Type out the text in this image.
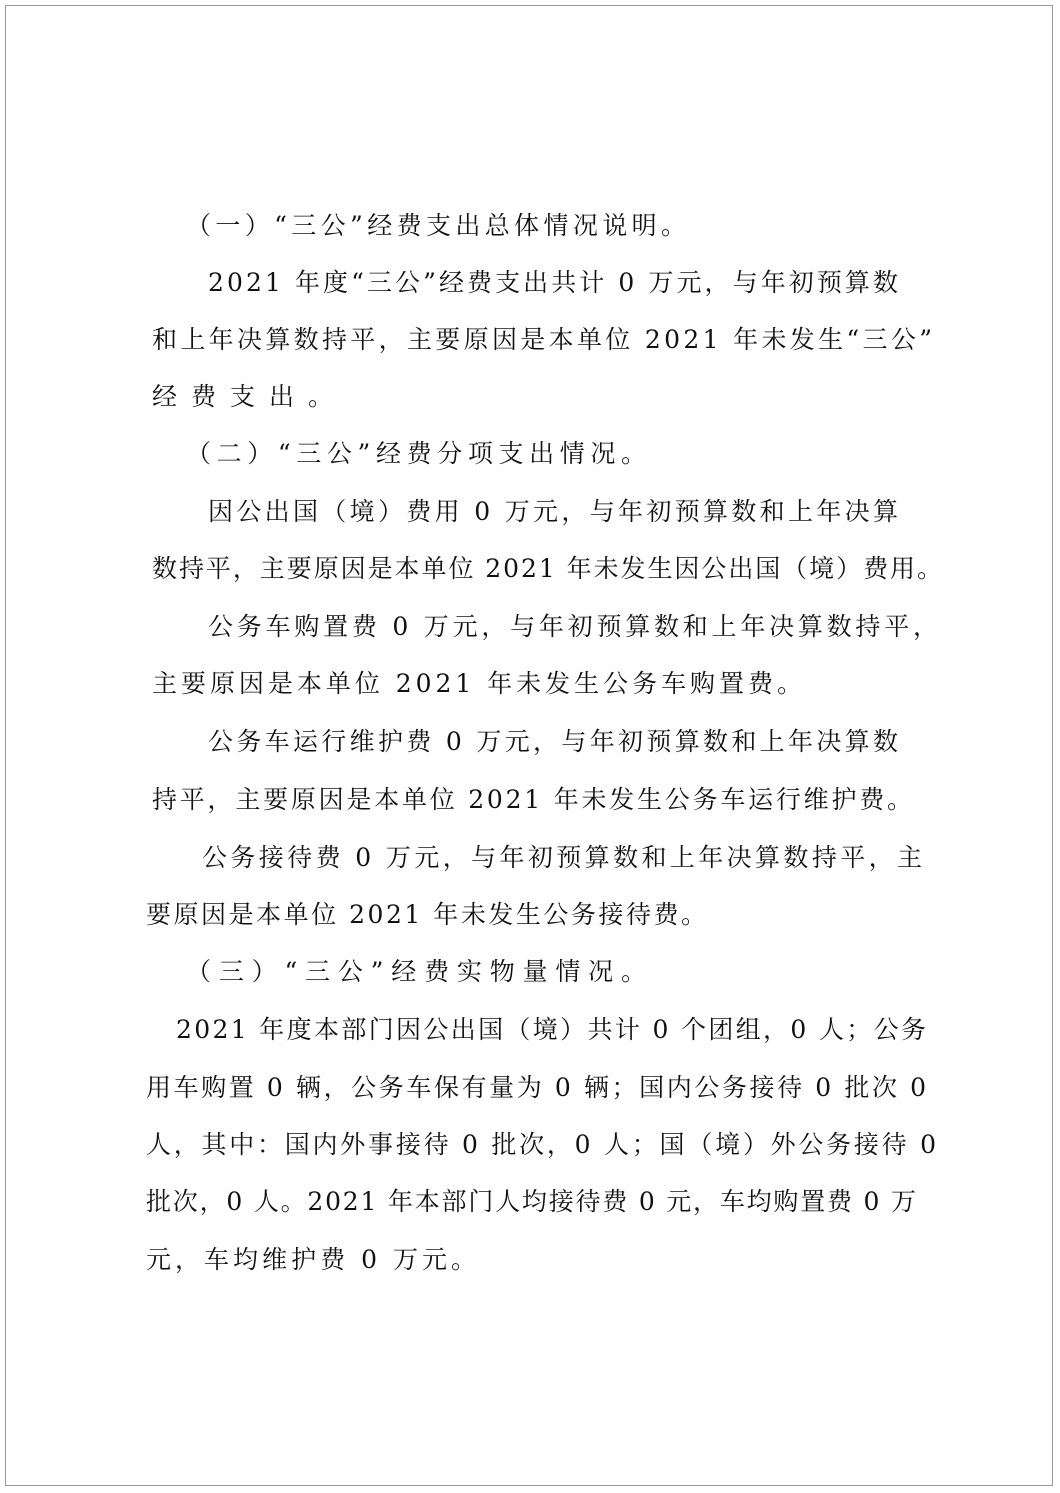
（一）“三公”经费支出总体情况说明。
2021 年度“三公”经费支出共计 0 万元，与年初预算数
和上年决算数持平，主要原因是本单位 2021 年未发生“三公”
经费支出。
（二）“三公”经费分项支出情况。
因公出国（境）费用 0 万元，与年初预算数和上年决算
数持平，主要原因是本单位 2021 年未发生因公出国（境）费用。
公务车购置费 0 万元，与年初预算数和上年决算数持平，
主要原因是本单位 2021 年未发生公务车购置费。
公务车运行维护费 0 万元，与年初预算数和上年决算数
持平，主要原因是本单位 2021 年未发生公务车运行维护费。
公务接待费 0 万元，与年初预算数和上年决算数持平，主
要原因是本单位 2021 年未发生公务接待费。
（三）“三公”经费实物量情况。
2021 年度本部门因公出国（境）共计 0 个团组，0 人；公务
用车购置 0 辆，公务车保有量为 0 辆；国内公务接待 0 批次 0
人，其中：国内外事接待 0 批次，0 人；国（境）外公务接待 0
批次，0 人。2021 年本部门人均接待费 0 元，车均购置费 0 万
元，车均维护费 0 万元。
